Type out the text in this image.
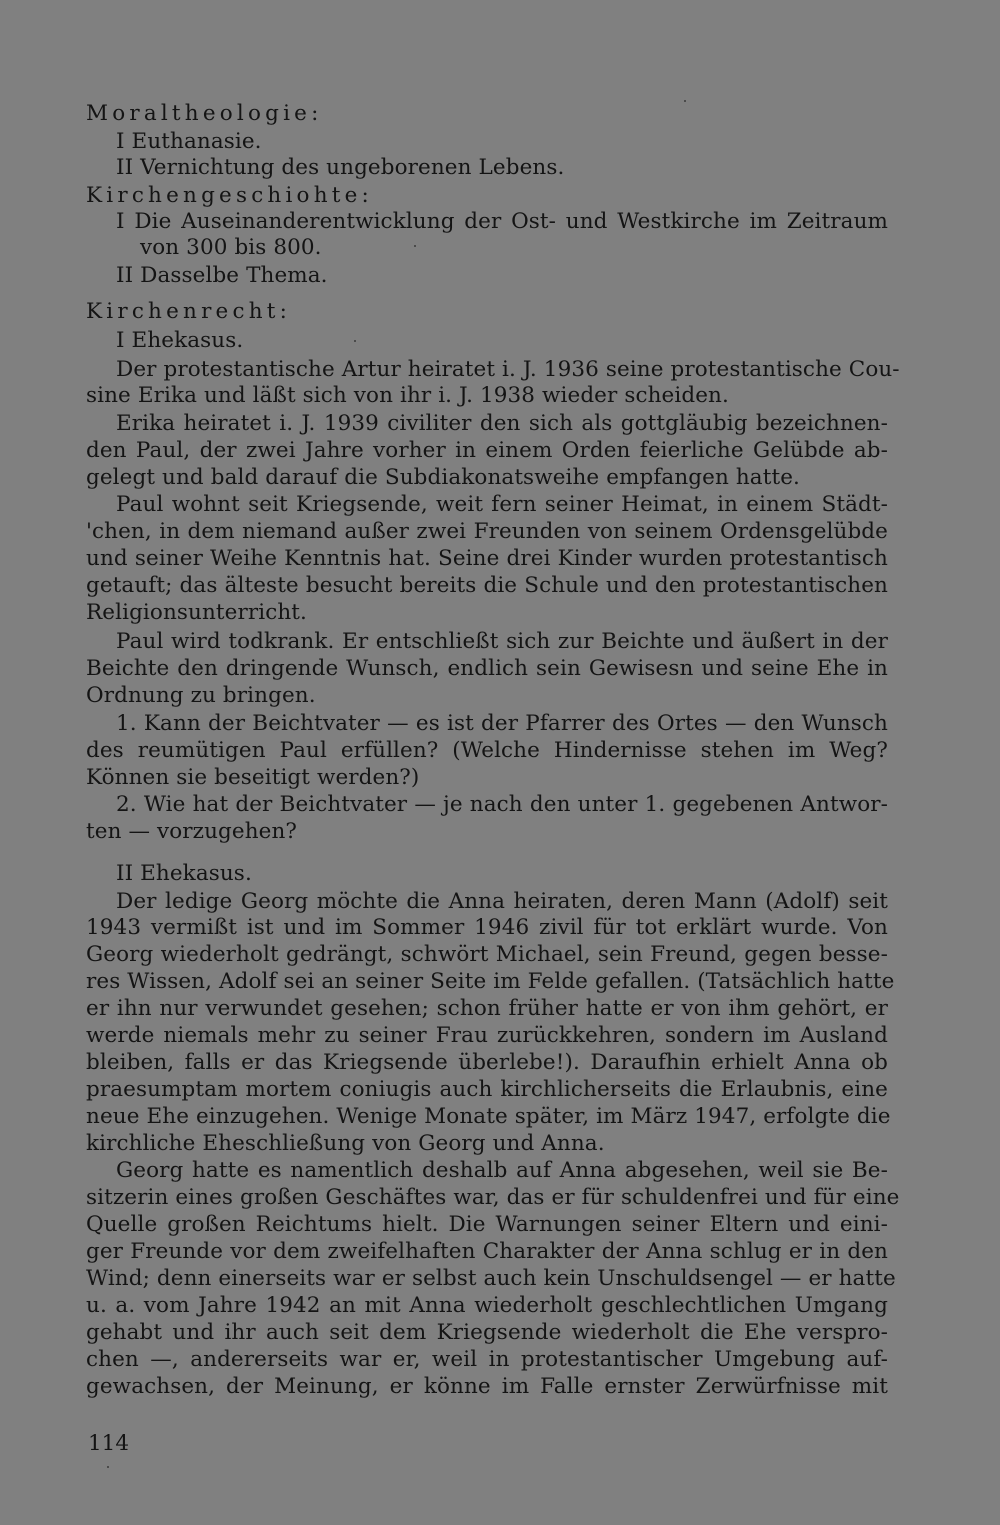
Moraltheologie:
I Euthanasie.
II Vernichtung des ungeborenen Lebens.
Kirchengeschiohte:
I Die Auseinanderentwicklung der Ost- und Westkirche im Zeitraum
von 300 bis 800.
II Dasselbe Thema.
Kirchenrecht:
I Ehekasus.
Der protestantische Artur heiratet i. J. 1936 seine protestantische Cou-
sine Erika und läßt sich von ihr i. J. 1938 wieder scheiden.
Erika heiratet i. J. 1939 civiliter den sich als gottgläubig bezeichnen-
den Paul, der zwei Jahre vorher in einem Orden feierliche Gelübde ab-
gelegt und bald darauf die Subdiakonatsweihe empfangen hatte.
Paul wohnt seit Kriegsende, weit fern seiner Heimat, in einem Städt-
'chen, in dem niemand außer zwei Freunden von seinem Ordensgelübde
und seiner Weihe Kenntnis hat. Seine drei Kinder wurden protestantisch
getauft; das älteste besucht bereits die Schule und den protestantischen
Religionsunterricht.
Paul wird todkrank. Er entschließt sich zur Beichte und äußert in der
Beichte den dringende Wunsch, endlich sein Gewisesn und seine Ehe in
Ordnung zu bringen.
1. Kann der Beichtvater — es ist der Pfarrer des Ortes — den Wunsch
des reumütigen Paul erfüllen? (Welche Hindernisse stehen im Weg?
Können sie beseitigt werden?)
2. Wie hat der Beichtvater — je nach den unter 1. gegebenen Antwor-
ten — vorzugehen?
II Ehekasus.
Der ledige Georg möchte die Anna heiraten, deren Mann (Adolf) seit
1943 vermißt ist und im Sommer 1946 zivil für tot erklärt wurde. Von
Georg wiederholt gedrängt, schwört Michael, sein Freund, gegen besse-
res Wissen, Adolf sei an seiner Seite im Felde gefallen. (Tatsächlich hatte
er ihn nur verwundet gesehen; schon früher hatte er von ihm gehört, er
werde niemals mehr zu seiner Frau zurückkehren, sondern im Ausland
bleiben, falls er das Kriegsende überlebe!). Daraufhin erhielt Anna ob
praesumptam mortem coniugis auch kirchlicherseits die Erlaubnis, eine
neue Ehe einzugehen. Wenige Monate später, im März 1947, erfolgte die
kirchliche Eheschließung von Georg und Anna.
Georg hatte es namentlich deshalb auf Anna abgesehen, weil sie Be-
sitzerin eines großen Geschäftes war, das er für schuldenfrei und für eine
Quelle großen Reichtums hielt. Die Warnungen seiner Eltern und eini-
ger Freunde vor dem zweifelhaften Charakter der Anna schlug er in den
Wind; denn einerseits war er selbst auch kein Unschuldsengel — er hatte
u. a. vom Jahre 1942 an mit Anna wiederholt geschlechtlichen Umgang
gehabt und ihr auch seit dem Kriegsende wiederholt die Ehe verspro-
chen —, andererseits war er, weil in protestantischer Umgebung auf-
gewachsen, der Meinung, er könne im Falle ernster Zerwürfnisse mit
114
